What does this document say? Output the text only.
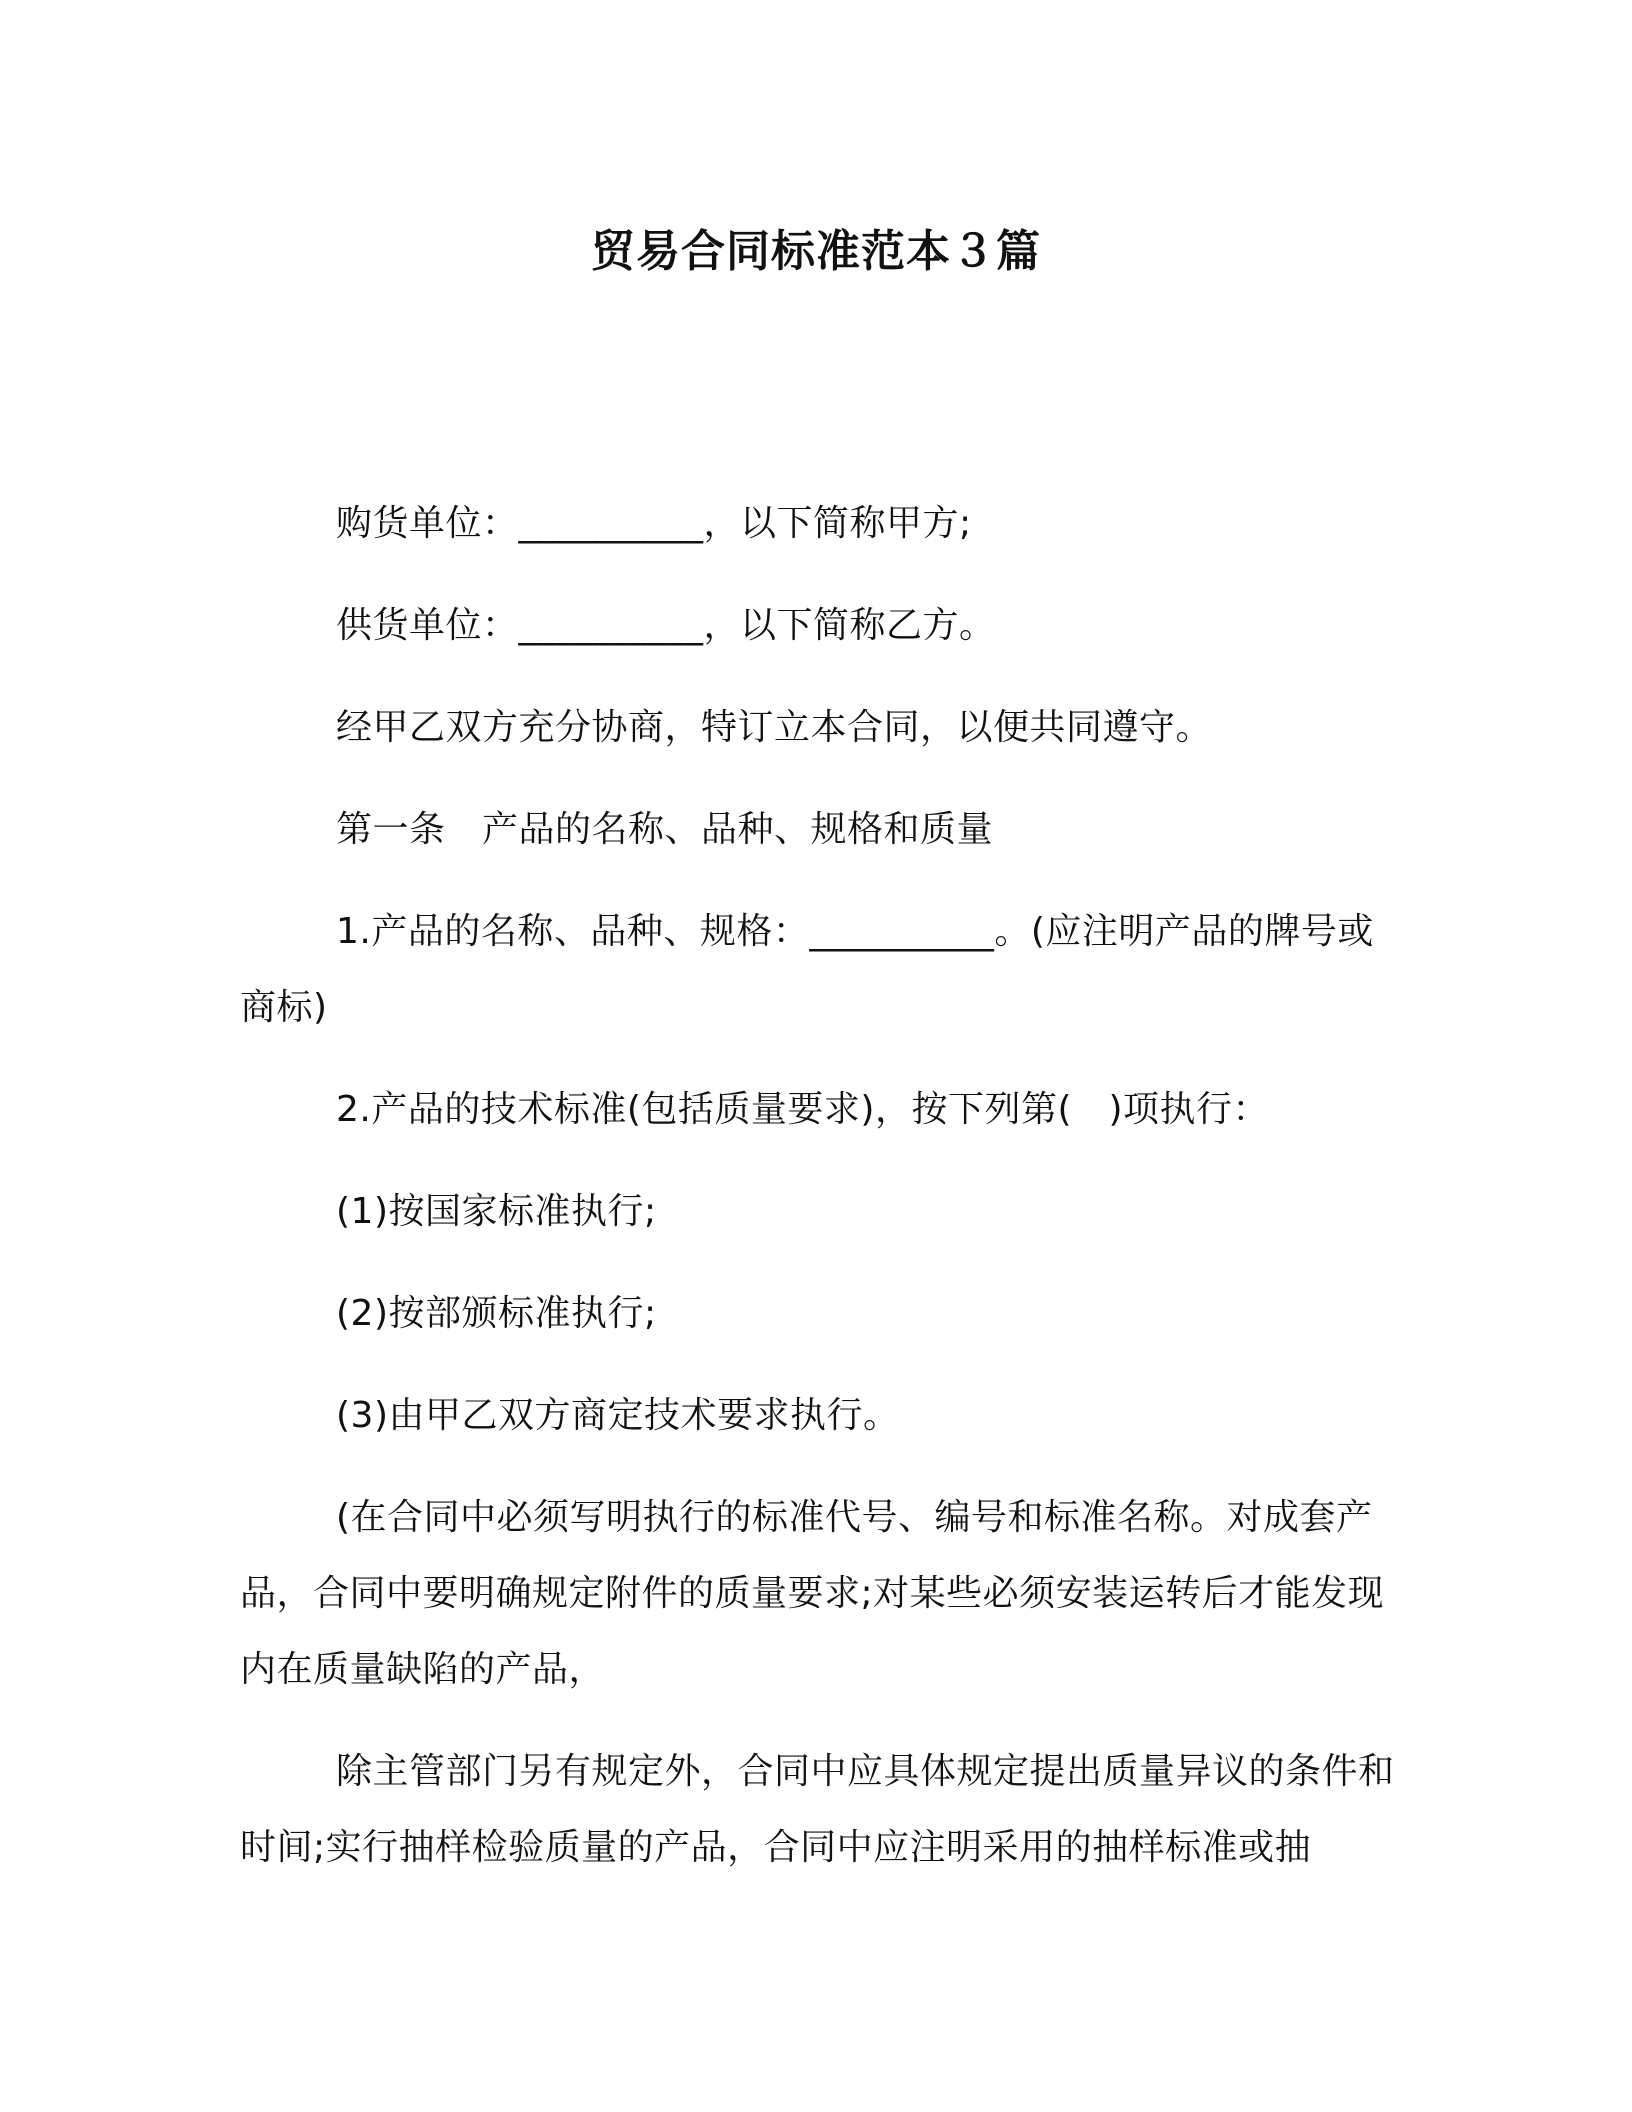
贸易合同标准范本３篇

购货单位：__________，以下简称甲方;

供货单位：__________，以下简称乙方。

经甲乙双方充分协商，特订立本合同，以便共同遵守。

第一条　产品的名称、品种、规格和质量

1.产品的名称、品种、规格：__________。(应注明产品的牌号或商标)

2.产品的技术标准(包括质量要求)，按下列第(　)项执行：

(1)按国家标准执行;

(2)按部颁标准执行;

(3)由甲乙双方商定技术要求执行。

(在合同中必须写明执行的标准代号、编号和标准名称。对成套产品，合同中要明确规定附件的质量要求;对某些必须安装运转后才能发现内在质量缺陷的产品，

除主管部门另有规定外，合同中应具体规定提出质量异议的条件和时间;实行抽样检验质量的产品，合同中应注明采用的抽样标准或抽
